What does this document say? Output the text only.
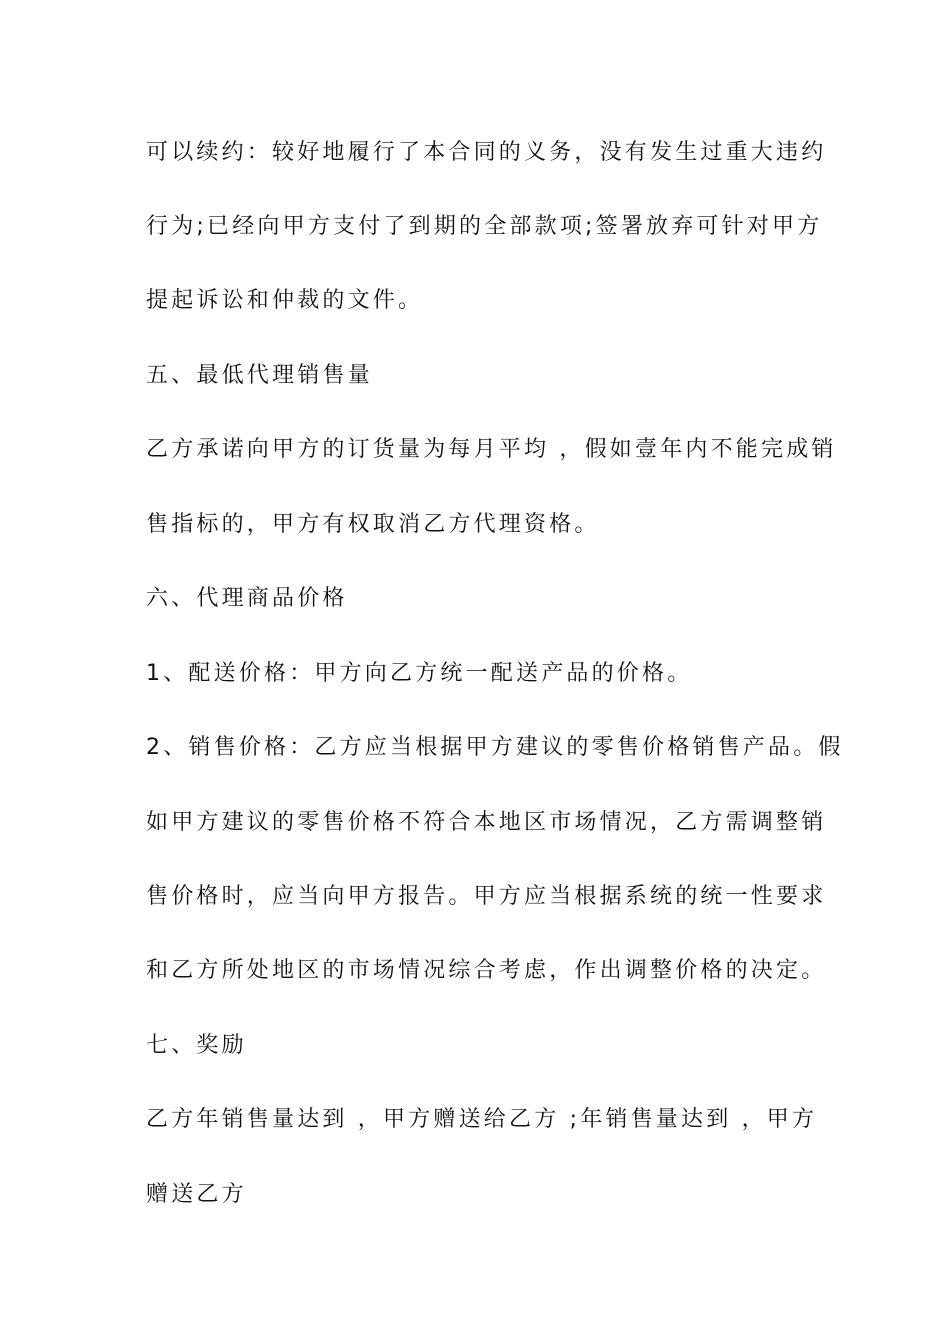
可以续约：较好地履行了本合同的义务，没有发生过重大违约
行为;已经向甲方支付了到期的全部款项;签署放弃可针对甲方
提起诉讼和仲裁的文件。
五、最低代理销售量
乙方承诺向甲方的订货量为每月平均 ，假如壹年内不能完成销
售指标的，甲方有权取消乙方代理资格。
六、代理商品价格
1、配送价格：甲方向乙方统一配送产品的价格。
2、销售价格：乙方应当根据甲方建议的零售价格销售产品。假
如甲方建议的零售价格不符合本地区市场情况，乙方需调整销
售价格时，应当向甲方报告。甲方应当根据系统的统一性要求
和乙方所处地区的市场情况综合考虑，作出调整价格的决定。
七、奖励
乙方年销售量达到 ，甲方赠送给乙方 ;年销售量达到 ，甲方
赠送乙方
